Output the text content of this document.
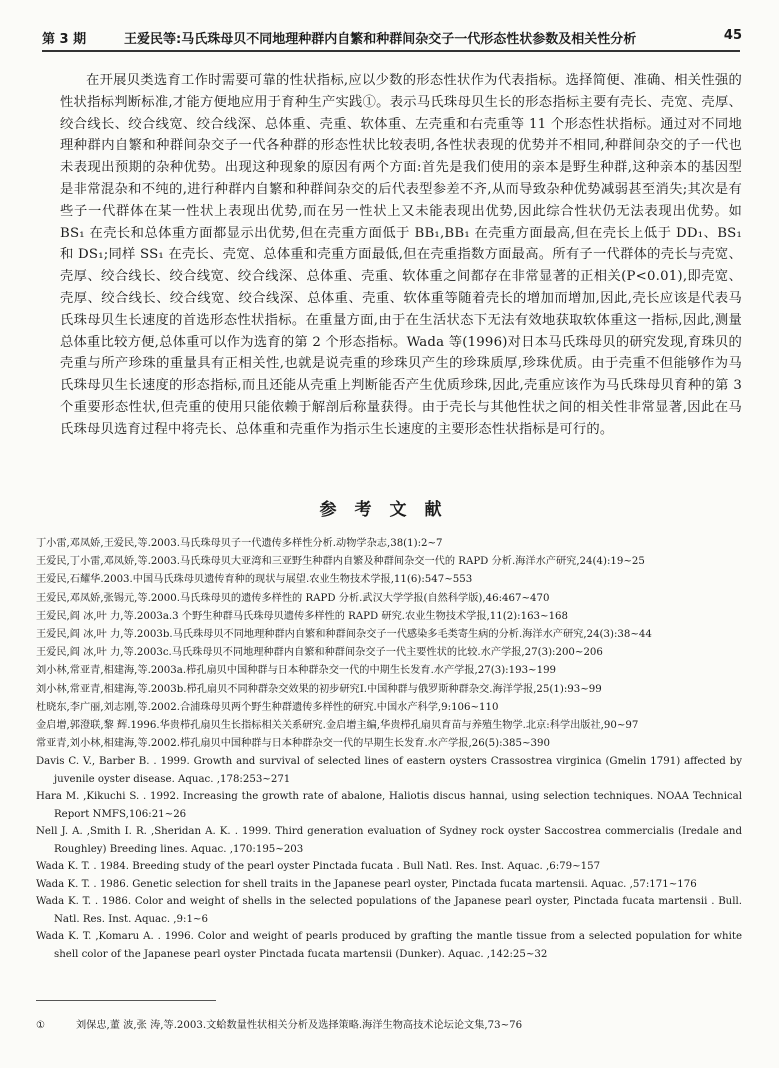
第 3 期	王爱民等:马氏珠母贝不同地理种群内自繁和种群间杂交子一代形态性状参数及相关性分析	45

在开展贝类选育工作时需要可靠的性状指标,应以少数的形态性状作为代表指标。选择简便、准确、相关性强的性状指标判断标准,才能方便地应用于育种生产实践①。表示马氏珠母贝生长的形态指标主要有壳长、壳宽、壳厚、绞合线长、绞合线宽、绞合线深、总体重、壳重、软体重、左壳重和右壳重等 11 个形态性状指标。通过对不同地理种群内自繁和种群间杂交子一代各种群的形态性状比较表明,各性状表现的优势并不相同,种群间杂交的子一代也未表现出预期的杂种优势。出现这种现象的原因有两个方面:首先是我们使用的亲本是野生种群,这种亲本的基因型是非常混杂和不纯的,进行种群内自繁和种群间杂交的后代表型参差不齐,从而导致杂种优势减弱甚至消失;其次是有些子一代群体在某一性状上表现出优势,而在另一性状上又未能表现出优势,因此综合性状仍无法表现出优势。如 BS₁ 在壳长和总体重方面都显示出优势,但在壳重方面低于 BB₁,BB₁ 在壳重方面最高,但在壳长上低于 DD₁、BS₁ 和 DS₁;同样 SS₁ 在壳长、壳宽、总体重和壳重方面最低,但在壳重指数方面最高。所有子一代群体的壳长与壳宽、壳厚、绞合线长、绞合线宽、绞合线深、总体重、壳重、软体重之间都存在非常显著的正相关(P<0.01),即壳宽、壳厚、绞合线长、绞合线宽、绞合线深、总体重、壳重、软体重等随着壳长的增加而增加,因此,壳长应该是代表马氏珠母贝生长速度的首选形态性状指标。在重量方面,由于在生活状态下无法有效地获取软体重这一指标,因此,测量总体重比较方便,总体重可以作为选育的第 2 个形态指标。Wada 等(1996)对日本马氏珠母贝的研究发现,育珠贝的壳重与所产珍珠的重量具有正相关性,也就是说壳重的珍珠贝产生的珍珠质厚,珍珠优质。由于壳重不但能够作为马氏珠母贝生长速度的形态指标,而且还能从壳重上判断能否产生优质珍珠,因此,壳重应该作为马氏珠母贝育种的第 3 个重要形态性状,但壳重的使用只能依赖于解剖后称量获得。由于壳长与其他性状之间的相关性非常显著,因此在马氏珠母贝选育过程中将壳长、总体重和壳重作为指示生长速度的主要形态性状指标是可行的。

参考文献

丁小雷,邓凤娇,王爱民,等.2003.马氏珠母贝子一代遗传多样性分析.动物学杂志,38(1):2~7

王爱民,丁小雷,邓凤娇,等.2003.马氏珠母贝大亚湾和三亚野生种群内自繁及种群间杂交一代的 RAPD 分析.海洋水产研究,24(4):19~25

王爱民,石耀华.2003.中国马氏珠母贝遗传育种的现状与展望.农业生物技术学报,11(6):547~553

王爱民,邓凤娇,张锡元,等.2000.马氏珠母贝的遗传多样性的 RAPD 分析.武汉大学学报(自然科学版),46:467~470

王爱民,阎 冰,叶 力,等.2003a.3 个野生种群马氏珠母贝遗传多样性的 RAPD 研究.农业生物技术学报,11(2):163~168

王爱民,阎 冰,叶 力,等.2003b.马氏珠母贝不同地理种群内自繁和种群间杂交子一代感染多毛类寄生病的分析.海洋水产研究,24(3):38~44

王爱民,阎 冰,叶 力,等.2003c.马氏珠母贝不同地理种群内自繁和种群间杂交子一代主要性状的比较.水产学报,27(3):200~206

刘小林,常亚青,相建海,等.2003a.栉孔扇贝中国种群与日本种群杂交一代的中期生长发育.水产学报,27(3):193~199

刘小林,常亚青,相建海,等.2003b.栉孔扇贝不同种群杂交效果的初步研究Ⅰ.中国种群与俄罗斯种群杂交.海洋学报,25(1):93~99

杜晓东,李广丽,刘志刚,等.2002.合浦珠母贝两个野生种群遗传多样性的研究.中国水产科学,9:106~110

金启增,郭澄联,黎 辉.1996.华贵栉孔扇贝生长指标相关关系研究.金启增主编,华贵栉孔扇贝育苗与养殖生物学.北京:科学出版社,90~97

常亚青,刘小林,相建海,等.2002.栉孔扇贝中国种群与日本种群杂交一代的早期生长发育.水产学报,26(5):385~390

Davis C. V., Barber B. . 1999. Growth and survival of selected lines of eastern oysters Crassostrea virginica (Gmelin 1791) affected by juvenile oyster disease. Aquac. ,178:253~271

Hara M. ,Kikuchi S. . 1992. Increasing the growth rate of abalone, Haliotis discus hannai, using selection techniques. NOAA Technical Report NMFS,106:21~26

Nell J. A. ,Smith I. R. ,Sheridan A. K. . 1999. Third generation evaluation of Sydney rock oyster Saccostrea commercialis (Iredale and Roughley) Breeding lines. Aquac. ,170:195~203

Wada K. T. . 1984. Breeding study of the pearl oyster Pinctada fucata . Bull Natl. Res. Inst. Aquac. ,6:79~157

Wada K. T. . 1986. Genetic selection for shell traits in the Japanese pearl oyster, Pinctada fucata martensii. Aquac. ,57:171~176

Wada K. T. . 1986. Color and weight of shells in the selected populations of the Japanese pearl oyster, Pinctada fucata martensii . Bull. Natl. Res. Inst. Aquac. ,9:1~6

Wada K. T. ,Komaru A. . 1996. Color and weight of pearls produced by grafting the mantle tissue from a selected population for white shell color of the Japanese pearl oyster Pinctada fucata martensii (Dunker). Aquac. ,142:25~32

①	刘保忠,董 波,张 涛,等.2003.文蛤数量性状相关分析及选择策略.海洋生物高技术论坛论文集,73~76
